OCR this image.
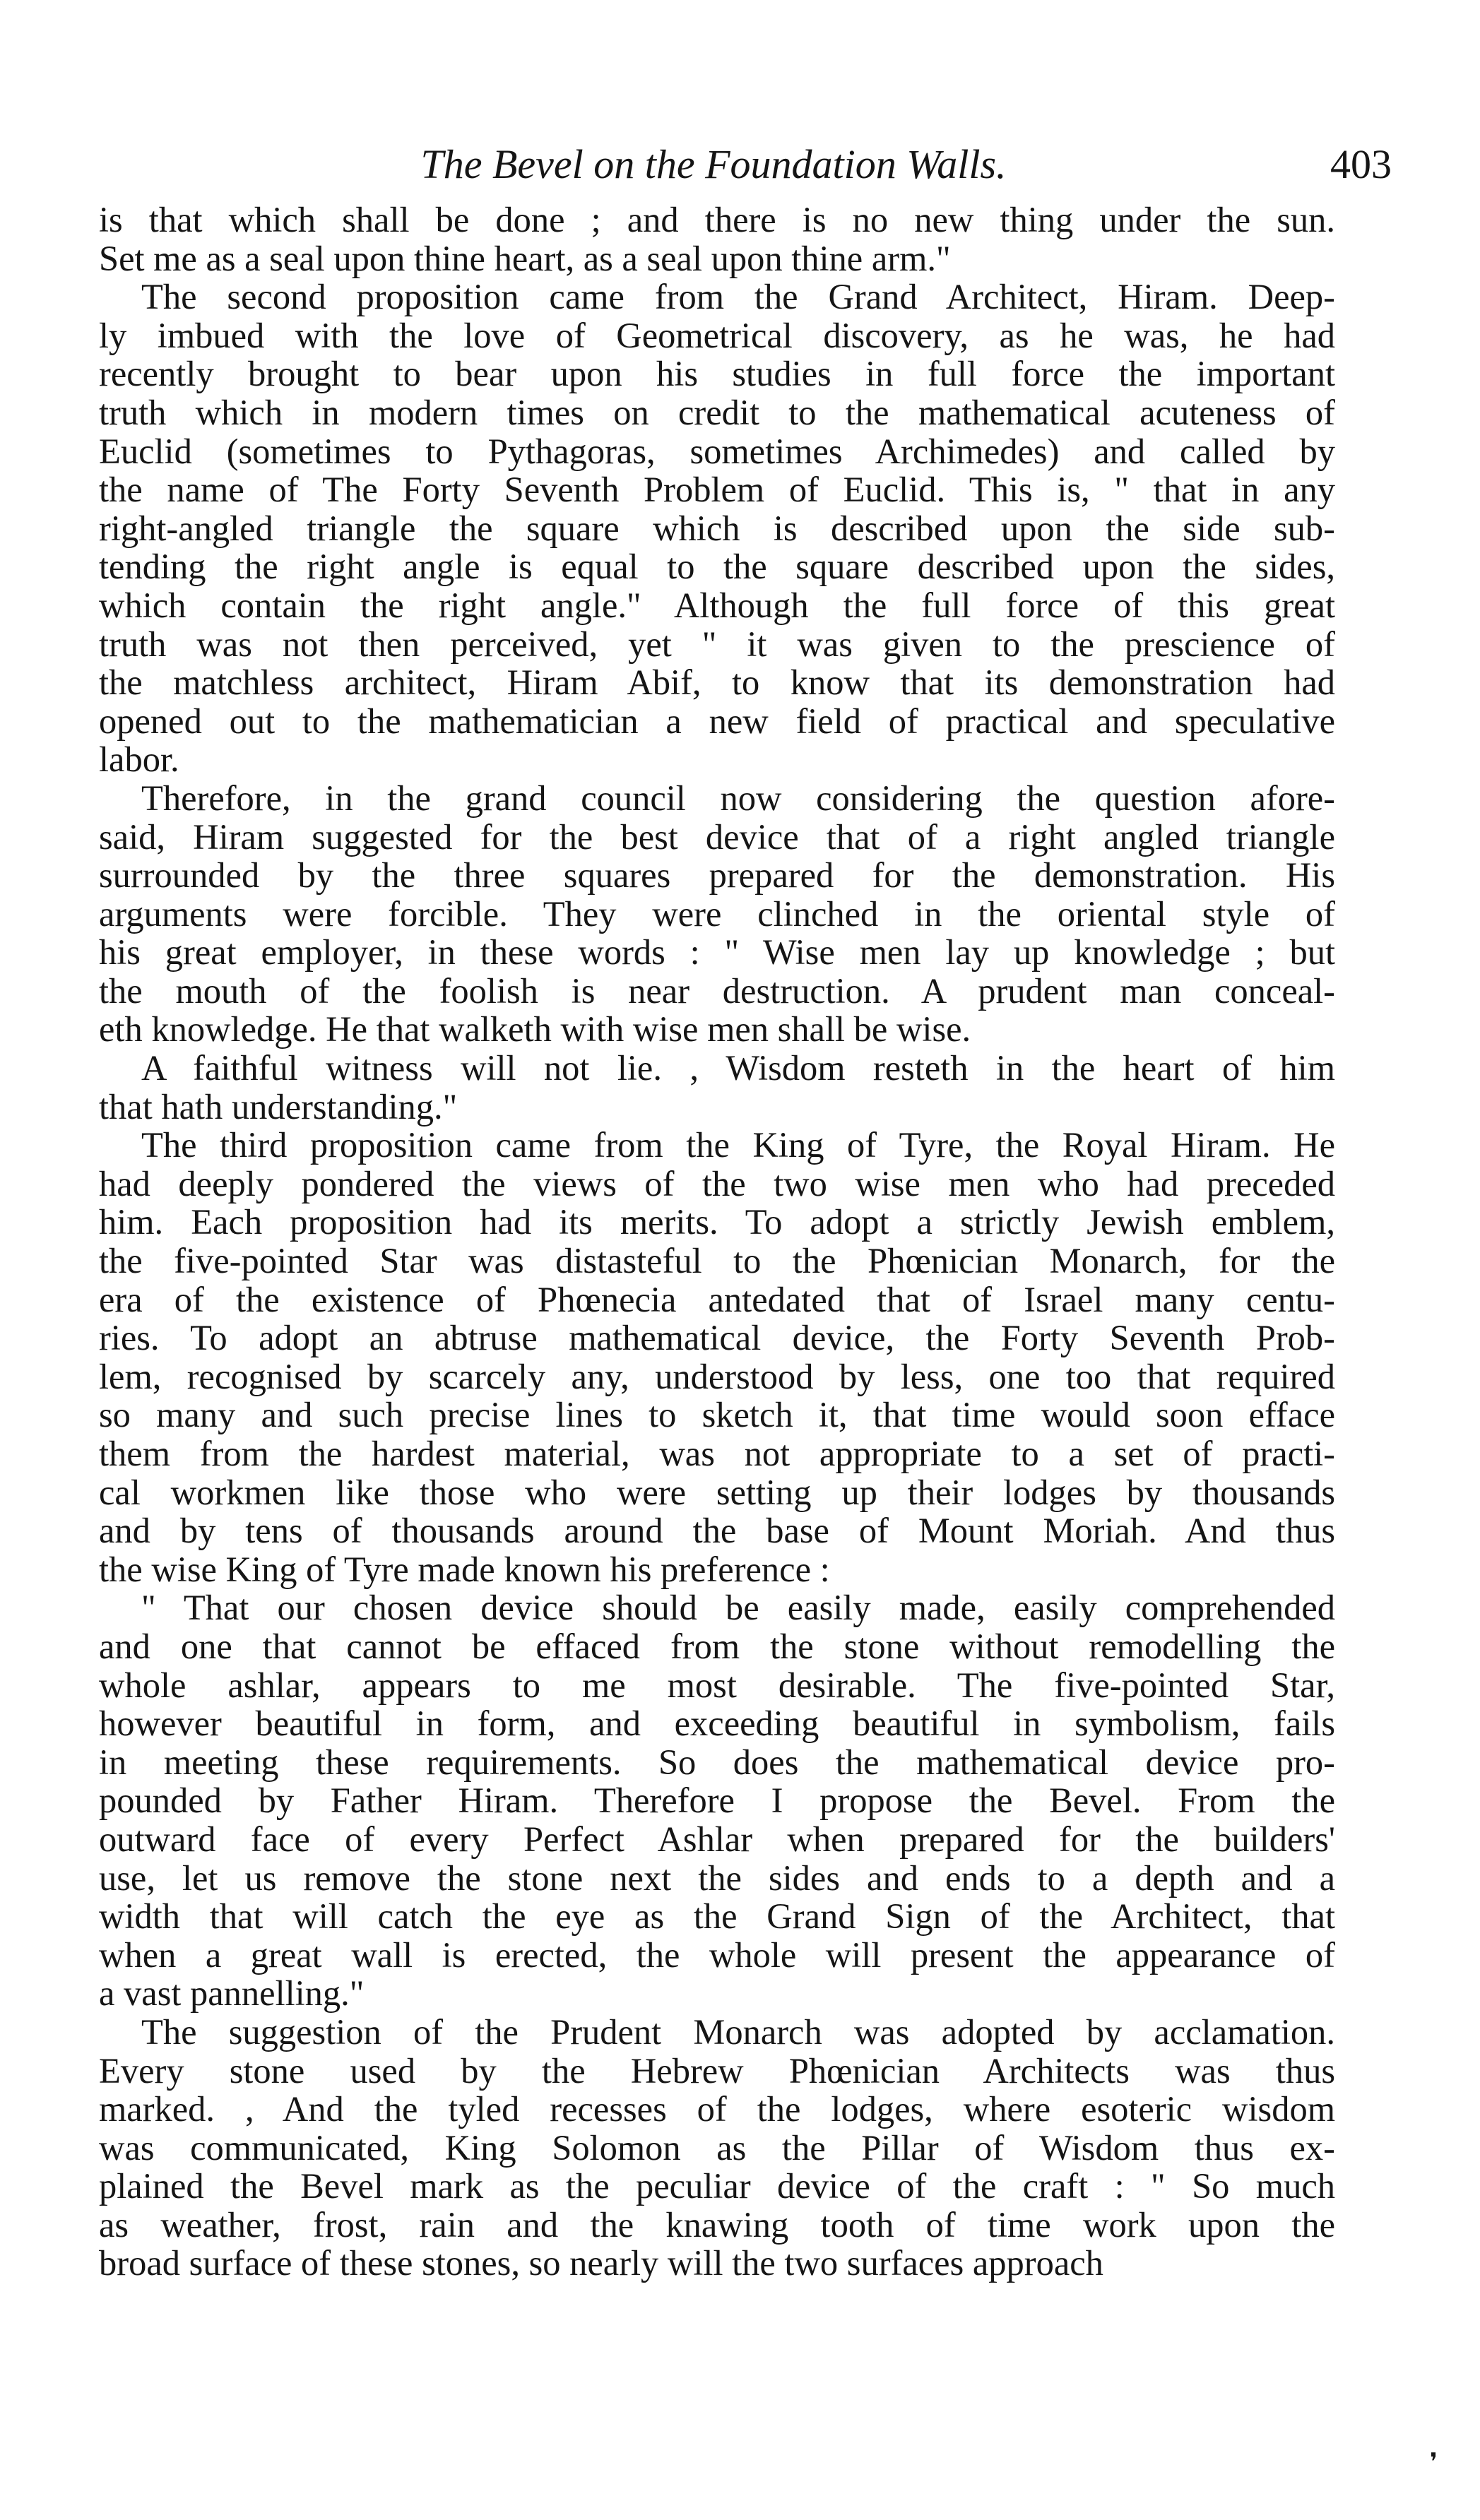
The Bevel on the Foundation Walls.	403
is that which shall be done ; and there is no new thing under the sun.
Set me as a seal upon thine heart, as a seal upon thine arm."
The second proposition came from the Grand Architect, Hiram. Deep-
ly imbued with the love of Geometrical discovery, as he was, he had
recently brought to bear upon his studies in full force the important
truth which in modern times on credit to the mathematical acuteness of
Euclid (sometimes to Pythagoras, sometimes Archimedes) and called by
the name of The Forty Seventh Problem of Euclid. This is, " that in any
right-angled triangle the square which is described upon the side sub-
tending the right angle is equal to the square described upon the sides,
which contain the right angle." Although the full force of this great
truth was not then perceived, yet " it was given to the prescience of
the matchless architect, Hiram Abif, to know that its demonstration had
opened out to the mathematician a new field of practical and speculative
labor.
Therefore, in the grand council now considering the question afore-
said, Hiram suggested for the best device that of a right angled triangle
surrounded by the three squares prepared for the demonstration. His
arguments were forcible. They were clinched in the oriental style of
his great employer, in these words : " Wise men lay up knowledge ; but
the mouth of the foolish is near destruction. A prudent man conceal-
eth knowledge. He that walketh with wise men shall be wise.
A faithful witness will not lie. , Wisdom resteth in the heart of him
that hath understanding."
The third proposition came from the King of Tyre, the Royal Hiram. He
had deeply pondered the views of the two wise men who had preceded
him. Each proposition had its merits. To adopt a strictly Jewish emblem,
the five-pointed Star was distasteful to the Phœnician Monarch, for the
era of the existence of Phœnecia antedated that of Israel many centu-
ries. To adopt an abtruse mathematical device, the Forty Seventh Prob-
lem, recognised by scarcely any, understood by less, one too that required
so many and such precise lines to sketch it, that time would soon efface
them from the hardest material, was not appropriate to a set of practi-
cal workmen like those who were setting up their lodges by thousands
and by tens of thousands around the base of Mount Moriah. And thus
the wise King of Tyre made known his preference :
" That our chosen device should be easily made, easily comprehended
and one that cannot be effaced from the stone without remodelling the
whole ashlar, appears to me most desirable. The five-pointed Star,
however beautiful in form, and exceeding beautiful in symbolism, fails
in meeting these requirements. So does the mathematical device pro-
pounded by Father Hiram. Therefore I propose the Bevel. From the
outward face of every Perfect Ashlar when prepared for the builders'
use, let us remove the stone next the sides and ends to a depth and a
width that will catch the eye as the Grand Sign of the Architect, that
when a great wall is erected, the whole will present the appearance of
a vast pannelling."
The suggestion of the Prudent Monarch was adopted by acclamation.
Every stone used by the Hebrew Phœnician Architects was thus
marked. , And the tyled recesses of the lodges, where esoteric wisdom
was communicated, King Solomon as the Pillar of Wisdom thus ex-
plained the Bevel mark as the peculiar device of the craft : " So much
as weather, frost, rain and the knawing tooth of time work upon the
broad surface of these stones, so nearly will the two surfaces approach
❜
